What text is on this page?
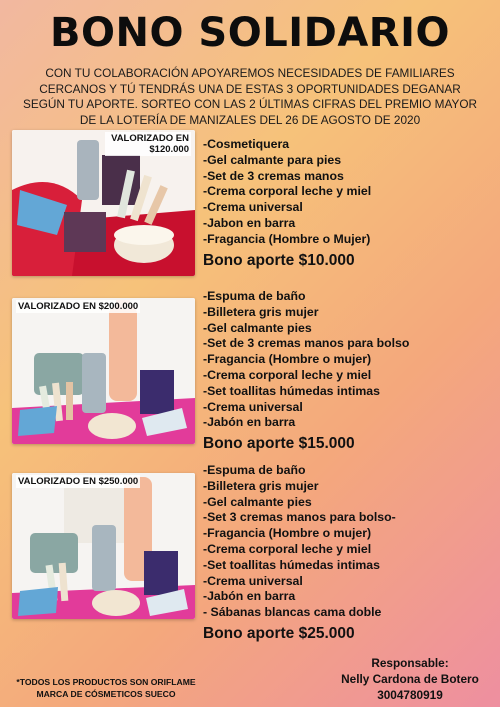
BONO SOLIDARIO
CON TU COLABORACIÓN APOYAREMOS NECESIDADES DE FAMILIARES CERCANOS Y TÚ TENDRÁS UNA DE ESTAS 3 OPORTUNIDADES DEGANAR SEGÚN TU APORTE. SORTEO CON LAS 2 ÚLTIMAS CIFRAS DEL PREMIO MAYOR DE LA LOTERÍA DE MANIZALES DEL 26 DE AGOSTO DE 2020
VALORIZADO EN $120.000 -Cosmetiquera
-Gel calmante para pies
-Set de 3 cremas manos
-Crema corporal leche y miel
-Crema universal
-Jabon en barra
-Fragancia (Hombre o Mujer)
Bono aporte $10.000
VALORIZADO EN $200.000
-Espuma de baño
-Billetera gris mujer
-Gel calmante pies
-Set de 3 cremas manos para bolso
-Fragancia (Hombre o mujer)
-Crema corporal leche y miel
-Set toallitas húmedas intimas
-Crema universal
-Jabón en barra
Bono aporte $15.000
VALORIZADO EN $250.000
-Espuma de baño
-Billetera gris mujer
-Gel calmante pies
-Set 3 cremas manos para bolso-
-Fragancia (Hombre o mujer)
-Crema corporal leche y miel
-Set toallitas húmedas intimas
-Crema universal
-Jabón en barra
- Sábanas blancas cama doble
Bono aporte $25.000
*TODOS LOS PRODUCTOS SON ORIFLAME MARCA DE CÓSMETICOS SUECO
Responsable:
Nelly Cardona de Botero
3004780919
